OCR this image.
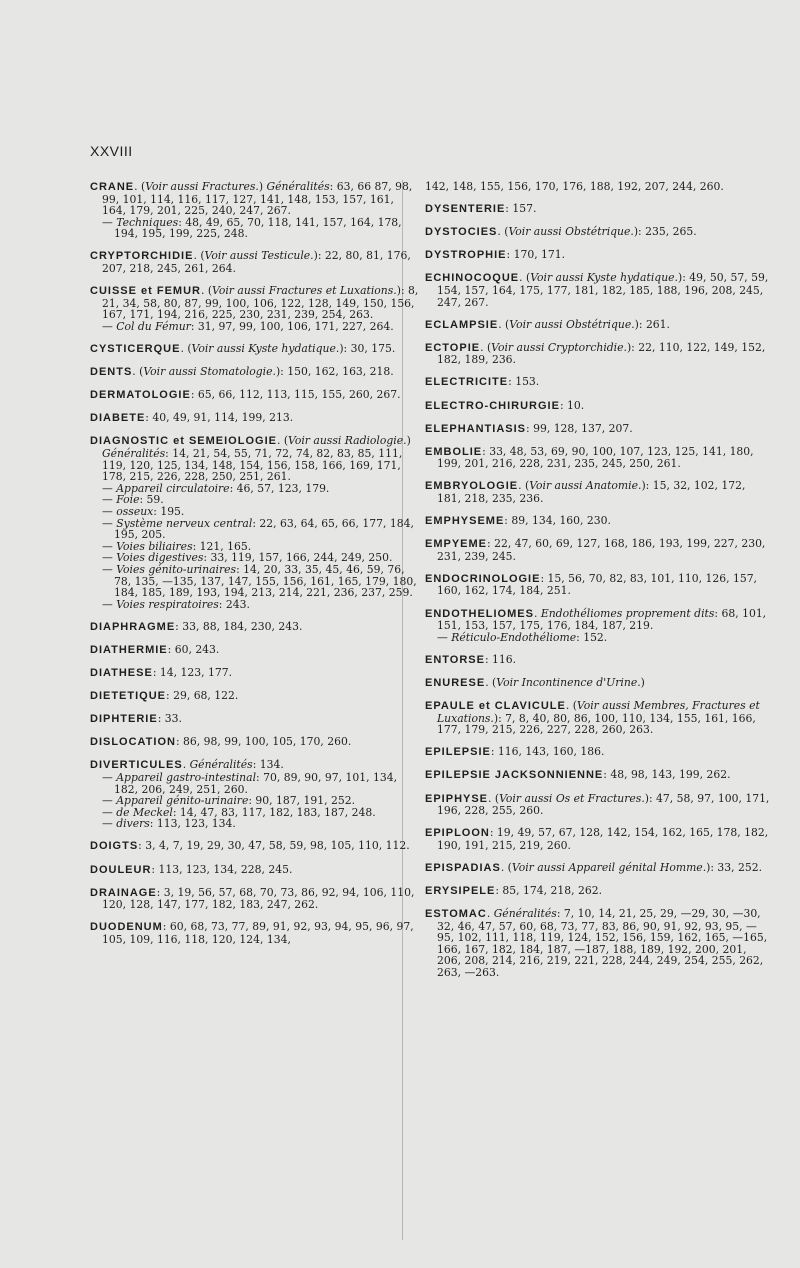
XXVIII
CRANE. (Voir aussi Fractures.) Généralités: 63, 66 87, 98, 99, 101, 114, 116, 117, 127, 141, 148, 153, 157, 161, 164, 179, 201, 225, 240, 247, 267.
— Techniques: 48, 49, 65, 70, 118, 141, 157, 164, 178, 194, 195, 199, 225, 248.
CRYPTORCHIDIE. (Voir aussi Testicule.): 22, 80, 81, 176, 207, 218, 245, 261, 264.
CUISSE et FEMUR. (Voir aussi Fractures et Luxations.): 8, 21, 34, 58, 80, 87, 99, 100, 106, 122, 128, 149, 150, 156, 167, 171, 194, 216, 225, 230, 231, 239, 254, 263.
— Col du Fémur: 31, 97, 99, 100, 106, 171, 227, 264.
CYSTICERQUE. (Voir aussi Kyste hydatique.): 30, 175.
DENTS. (Voir aussi Stomatologie.): 150, 162, 163, 218.
DERMATOLOGIE: 65, 66, 112, 113, 115, 155, 260, 267.
DIABETE: 40, 49, 91, 114, 199, 213.
DIAGNOSTIC et SEMEIOLOGIE. (Voir aussi Radiologie.) Généralités: 14, 21, 54, 55, 71, 72, 74, 82, 83, 85, 111, 119, 120, 125, 134, 148, 154, 156, 158, 166, 169, 171, 178, 215, 226, 228, 250, 251, 261.
— Appareil circulatoire: 46, 57, 123, 179.
— Foie: 59.
— osseux: 195.
— Système nerveux central: 22, 63, 64, 65, 66, 177, 184, 195, 205.
— Voies biliaires: 121, 165.
— Voies digestives: 33, 119, 157, 166, 244, 249, 250.
— Voies génito-urinaires: 14, 20, 33, 35, 45, 46, 59, 76, 78, 135, —135, 137, 147, 155, 156, 161, 165, 179, 180, 184, 185, 189, 193, 194, 213, 214, 221, 236, 237, 259.
— Voies respiratoires: 243.
DIAPHRAGME: 33, 88, 184, 230, 243.
DIATHERMIE: 60, 243.
DIATHESE: 14, 123, 177.
DIETETIQUE: 29, 68, 122.
DIPHTERIE: 33.
DISLOCATION: 86, 98, 99, 100, 105, 170, 260.
DIVERTICULES. Généralités: 134.
— Appareil gastro-intestinal: 70, 89, 90, 97, 101, 134, 182, 206, 249, 251, 260.
— Appareil génito-urinaire: 90, 187, 191, 252.
— de Meckel: 14, 47, 83, 117, 182, 183, 187, 248.
— divers: 113, 123, 134.
DOIGTS: 3, 4, 7, 19, 29, 30, 47, 58, 59, 98, 105, 110, 112.
DOULEUR: 113, 123, 134, 228, 245.
DRAINAGE: 3, 19, 56, 57, 68, 70, 73, 86, 92, 94, 106, 110, 120, 128, 147, 177, 182, 183, 247, 262.
DUODENUM: 60, 68, 73, 77, 89, 91, 92, 93, 94, 95, 96, 97, 105, 109, 116, 118, 120, 124, 134,
142, 148, 155, 156, 170, 176, 188, 192, 207, 244, 260.
DYSENTERIE: 157.
DYSTOCIES. (Voir aussi Obstétrique.): 235, 265.
DYSTROPHIE: 170, 171.
ECHINOCOQUE. (Voir aussi Kyste hydatique.): 49, 50, 57, 59, 154, 157, 164, 175, 177, 181, 182, 185, 188, 196, 208, 245, 247, 267.
ECLAMPSIE. (Voir aussi Obstétrique.): 261.
ECTOPIE. (Voir aussi Cryptorchidie.): 22, 110, 122, 149, 152, 182, 189, 236.
ELECTRICITE: 153.
ELECTRO-CHIRURGIE: 10.
ELEPHANTIASIS: 99, 128, 137, 207.
EMBOLIE: 33, 48, 53, 69, 90, 100, 107, 123, 125, 141, 180, 199, 201, 216, 228, 231, 235, 245, 250, 261.
EMBRYOLOGIE. (Voir aussi Anatomie.): 15, 32, 102, 172, 181, 218, 235, 236.
EMPHYSEME: 89, 134, 160, 230.
EMPYEME: 22, 47, 60, 69, 127, 168, 186, 193, 199, 227, 230, 231, 239, 245.
ENDOCRINOLOGIE: 15, 56, 70, 82, 83, 101, 110, 126, 157, 160, 162, 174, 184, 251.
ENDOTHELIOMES. Endothéliomes proprement dits: 68, 101, 151, 153, 157, 175, 176, 184, 187, 219.
— Réticulo-Endothéliome: 152.
ENTORSE: 116.
ENURESE. (Voir Incontinence d'Urine.)
EPAULE et CLAVICULE. (Voir aussi Membres, Fractures et Luxations.): 7, 8, 40, 80, 86, 100, 110, 134, 155, 161, 166, 177, 179, 215, 226, 227, 228, 260, 263.
EPILEPSIE: 116, 143, 160, 186.
EPILEPSIE JACKSONNIENNE: 48, 98, 143, 199, 262.
EPIPHYSE. (Voir aussi Os et Fractures.): 47, 58, 97, 100, 171, 196, 228, 255, 260.
EPIPLOON: 19, 49, 57, 67, 128, 142, 154, 162, 165, 178, 182, 190, 191, 215, 219, 260.
EPISPADIAS. (Voir aussi Appareil génital Homme.): 33, 252.
ERYSIPELE: 85, 174, 218, 262.
ESTOMAC. Généralités: 7, 10, 14, 21, 25, 29, —29, 30, —30, 32, 46, 47, 57, 60, 68, 73, 77, 83, 86, 90, 91, 92, 93, 95, —95, 102, 111, 118, 119, 124, 152, 156, 159, 162, 165, —165, 166, 167, 182, 184, 187, —187, 188, 189, 192, 200, 201, 206, 208, 214, 216, 219, 221, 228, 244, 249, 254, 255, 262, 263, —263.
